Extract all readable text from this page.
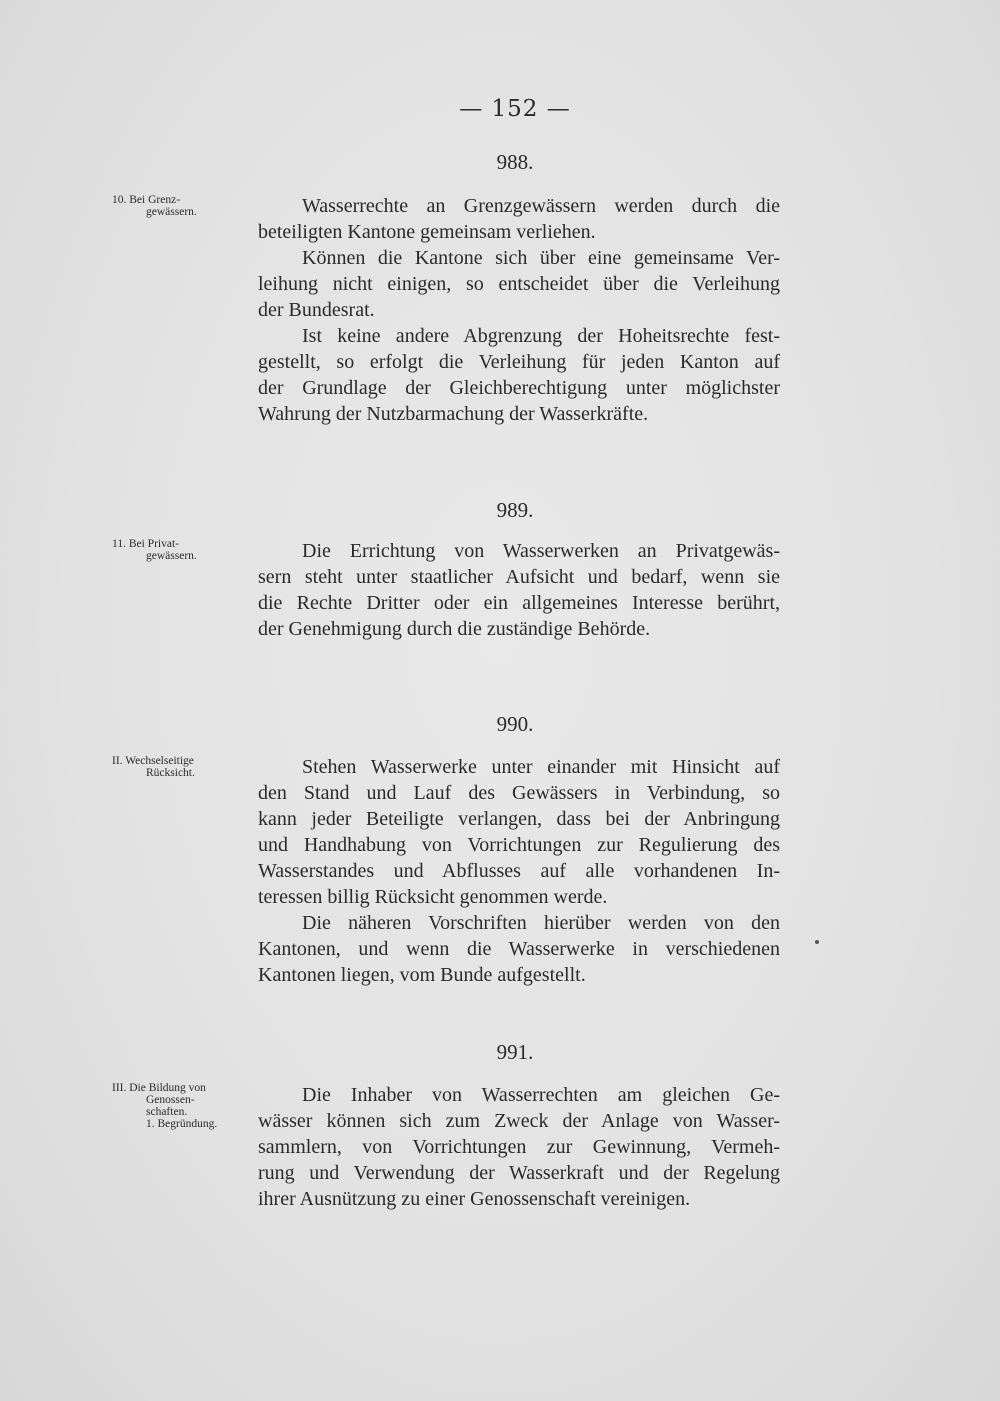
— 152 —
988.
10. Bei Grenz-
gewässern.	Wasserrechte an Grenzgewässern werden durch die
beteiligten Kantone gemeinsam verliehen.
Können die Kantone sich über eine gemeinsame Ver-
leihung nicht einigen, so entscheidet über die Verleihung
der Bundesrat.
Ist keine andere Abgrenzung der Hoheitsrechte fest-
gestellt, so erfolgt die Verleihung für jeden Kanton auf
der Grundlage der Gleichberechtigung unter möglichster
Wahrung der Nutzbarmachung der Wasserkräfte.
989.
11. Bei Privat-
gewässern.	Die Errichtung von Wasserwerken an Privatgewäs-
sern steht unter staatlicher Aufsicht und bedarf, wenn sie
die Rechte Dritter oder ein allgemeines Interesse berührt,
der Genehmigung durch die zuständige Behörde.
990.
II. Wechselseitige
Rücksicht.	Stehen Wasserwerke unter einander mit Hinsicht auf
den Stand und Lauf des Gewässers in Verbindung, so
kann jeder Beteiligte verlangen, dass bei der Anbringung
und Handhabung von Vorrichtungen zur Regulierung des
Wasserstandes und Abflusses auf alle vorhandenen In-
teressen billig Rücksicht genommen werde.
Die näheren Vorschriften hierüber werden von den
Kantonen, und wenn die Wasserwerke in verschiedenen
Kantonen liegen, vom Bunde aufgestellt.
991.
III. Die Bildung von
Genossen-
schaften.
1. Begründung.
Die Inhaber von Wasserrechten am gleichen Ge-
wässer können sich zum Zweck der Anlage von Wasser-
sammlern, von Vorrichtungen zur Gewinnung, Vermeh-
rung und Verwendung der Wasserkraft und der Regelung
ihrer Ausnützung zu einer Genossenschaft vereinigen.
